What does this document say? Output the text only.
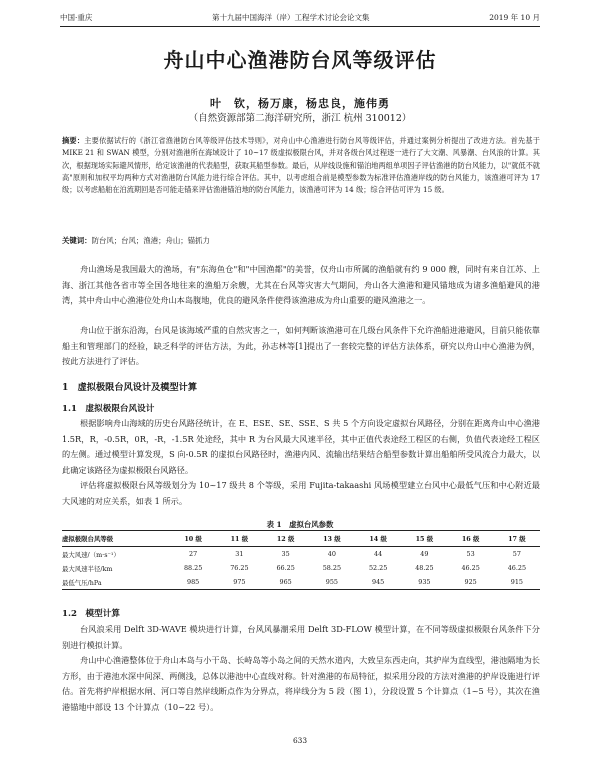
中国·重庆	第十九届中国海洋（岸）工程学术讨论会论文集	2019 年 10 月
舟山中心渔港防台风等级评估
叶　钦，杨万康，杨忠良，施伟勇
（自然资源部第二海洋研究所，浙江 杭州 310012）
摘要：主要依据试行的《浙江省渔港防台风等级评估技术导则》，对舟山中心渔港进行防台风等级评估，并通过案例分析提出了改进方法。首先基于 MIKE 21 和 SWAN 模型，分别对渔港所在海域设计了 10~17 级虚拟极限台风，并对各级台风过程逐一进行了大文潮、风暴潮、台风浪的计算。其次，根据现场实际避风情形，给定该渔港的代表船型，获取其船型参数。最后，从岸线设施和锚泊地两组单项因子评估渔港的防台风能力，以"就低不就高"原则和加权平均两种方式对渔港防台风能力进行综合评估。其中，以考虑组合前是模型参数为标准评估渔港岸线的防台风能力，该渔港可评为 17 级；以考虑船舶在泊流期回是否可能走锚来评估渔港锚泊地的防台风能力，该渔港可评为 14 级；综合评估可评为 15 级。
关键词：防台风；台风；渔港；舟山；锚抓力

舟山渔场是我国最大的渔场，有"东海鱼仓"和"中国渔都"的美誉，仅舟山市所属的渔船就有约 9 000 艘，同时有来自江苏、上海、浙江其他各省市等全国各地往来的渔船万余艘，尤其在台风等灾害大气期间，舟山各大渔港和避风锚地成为诸多渔船避风的港湾，其中舟山中心渔港位处舟山本岛腹地，优良的避风条件使得该渔港成为舟山重要的避风渔港之一。

舟山位于浙东沿海，台风是该海域严重的自然灾害之一，如何判断该渔港可在几级台风条件下允许渔船进港避风，目前只能依靠船主和管理部门的经验，缺乏科学的评估方法，为此，孙志林等[1]提出了一套较完整的评估方法体系，研究以舟山中心渔港为例，按此方法进行了评估。

1　虚拟极限台风设计及模型计算
1.1　虚拟极限台风设计

根据影响舟山海域的历史台风路径统计，在 E、ESE、SE、SSE、S 共 5 个方向设定虚拟台风路径，分别在距离舟山中心渔港 1.5R，R，-0.5R，0R，-R，-1.5R 处途经，其中 R 为台风最大风速半径，其中正值代表途经工程区的右侧，负值代表途经工程区的左侧。通过模型计算发现，S 向-0.5R 的虚拟台风路径时，渔港内风、流输出结果结合船型参数计算出船舶所受风流合力最大，以此确定该路径为虚拟极限台风路径。

评估将虚拟极限台风等级划分为 10~17 级共 8 个等级，采用 Fujita-takaashi 风场模型建立台风中心最低气压和中心附近最大风速的对应关系，如表 1 所示。

表 1　虚拟台风参数
虚拟极限台风等级	10 级	11 级	12 级	13 级	14 级	15 级	16 级	17 级
最大风速/（m·s⁻¹）	27	31	35	40	44	49	53	57
最大风速半径/km	88.25	76.25	66.25	58.25	52.25	48.25	46.25	46.25
最低气压/hPa	985	975	965	955	945	935	925	915
1.2　模型计算

台风浪采用 Delft 3D-WAVE 模块进行计算，台风风暴潮采用 Delft 3D-FLOW 模型计算，在不同等级虚拟极限台风条件下分别进行模拟计算。

舟山中心渔港整体位于舟山本岛与小干岛、长峙岛等小岛之间的天然水道内，大致呈东西走向，其护岸为直线型，港池隔地为长方形，由于港池水深中间深、两侧浅，总体以港池中心直线对称。针对渔港的布局特征，拟采用分段的方法对渔港的护岸设施进行评估。首先将护岸根据水闸、河口等自然岸线断点作为分界点，将岸线分为 5 段（图 1），分段设置 5 个计算点（1~5 号），其次在渔港锚地中部设 13 个计算点（10~22 号）。

633
